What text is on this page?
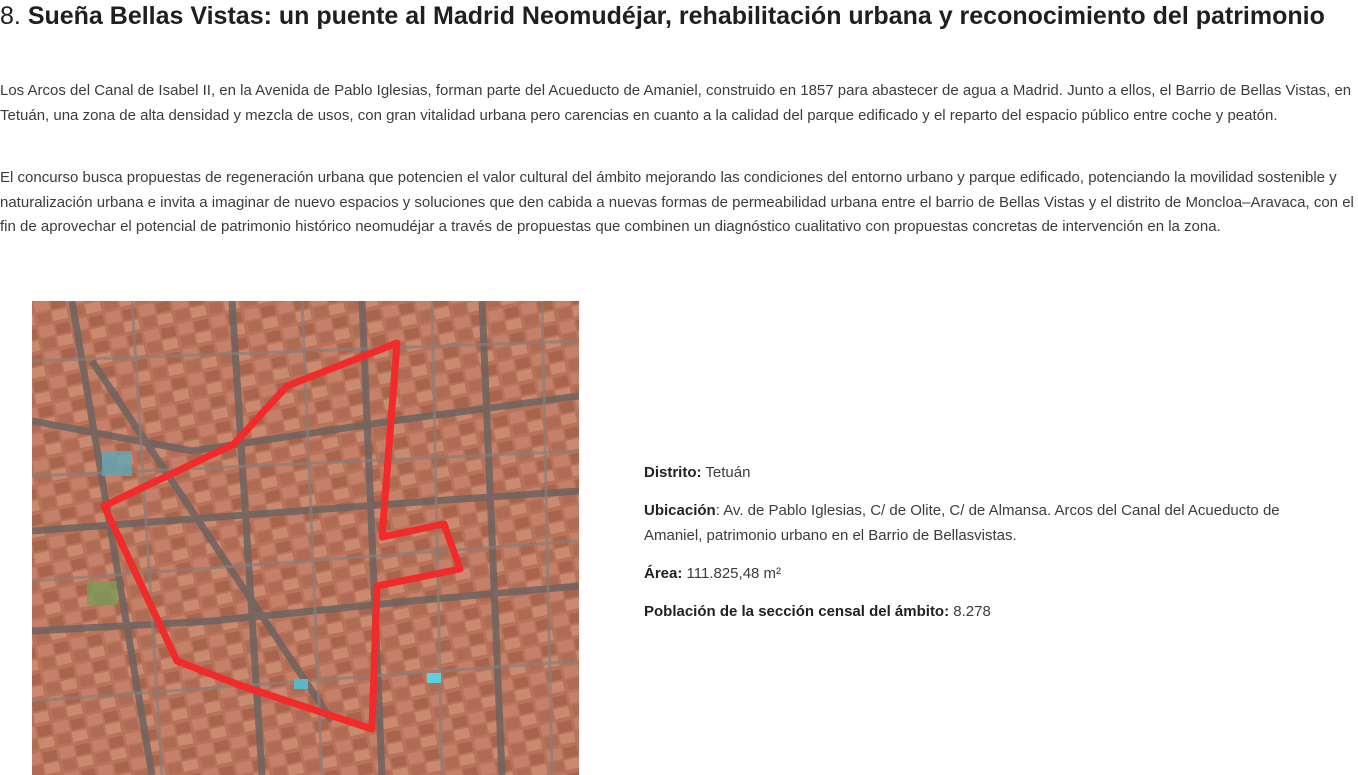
8. Sueña Bellas Vistas: un puente al Madrid Neomudéjar, rehabilitación urbana y reconocimiento del patrimonio

Los Arcos del Canal de Isabel II, en la Avenida de Pablo Iglesias, forman parte del Acueducto de Amaniel, construido en 1857 para abastecer de agua a Madrid. Junto a ellos, el Barrio de Bellas Vistas, en Tetuán, una zona de alta densidad y mezcla de usos, con gran vitalidad urbana pero carencias en cuanto a la calidad del parque edificado y el reparto del espacio público entre coche y peatón.

El concurso busca propuestas de regeneración urbana que potencien el valor cultural del ámbito mejorando las condiciones del entorno urbano y parque edificado, potenciando la movilidad sostenible y naturalización urbana e invita a imaginar de nuevo espacios y soluciones que den cabida a nuevas formas de permeabilidad urbana entre el barrio de Bellas Vistas y el distrito de Moncloa–Aravaca, con el fin de aprovechar el potencial de patrimonio histórico neomudéjar a través de propuestas que combinen un diagnóstico cualitativo con propuestas concretas de intervención en la zona.

Distrito: Tetuán

Ubicación: Av. de Pablo Iglesias, C/ de Olite, C/ de Almansa. Arcos del Canal del Acueducto de Amaniel, patrimonio urbano en el Barrio de Bellasvistas.

Área: 111.825,48 m²

Población de la sección censal del ámbito: 8.278
